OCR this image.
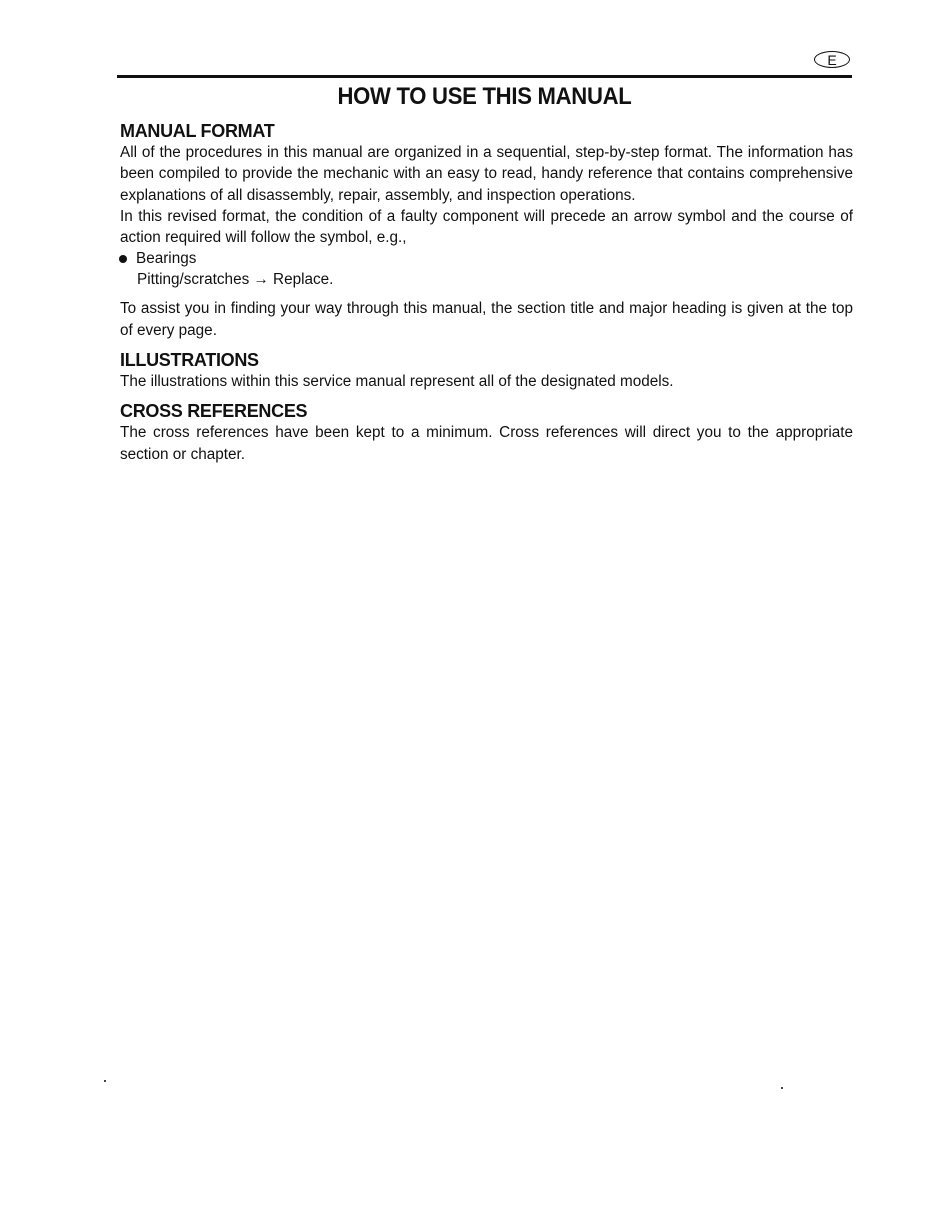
E
HOW TO USE THIS MANUAL
MANUAL FORMAT

All of the procedures in this manual are organized in a sequential, step-by-step format. The information has been compiled to provide the mechanic with an easy to read, handy reference that contains comprehensive explanations of all disassembly, repair, assembly, and inspection operations.

In this revised format, the condition of a faulty component will precede an arrow symbol and the course of action required will follow the symbol, e.g.,

Bearings
Pitting/scratches → Replace.

To assist you in finding your way through this manual, the section title and major heading is given at the top of every page.

ILLUSTRATIONS

The illustrations within this service manual represent all of the designated models.

CROSS REFERENCES

The cross references have been kept to a minimum. Cross references will direct you to the appropriate section or chapter.
